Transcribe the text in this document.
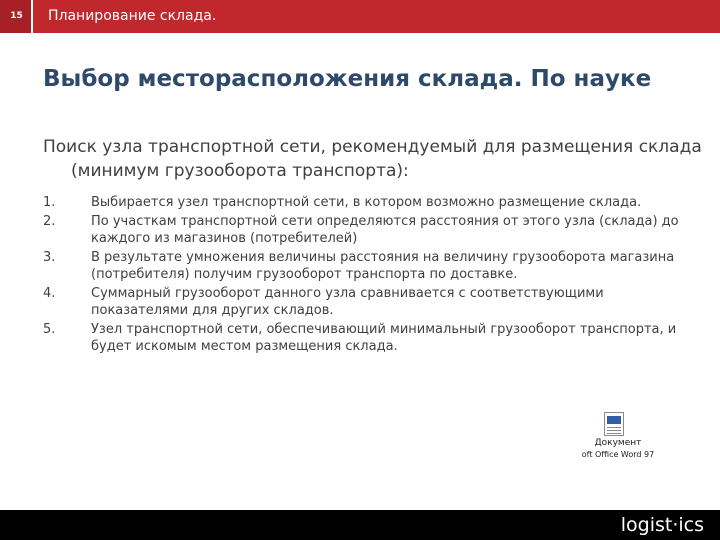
15	Планирование склада.
Выбор месторасположения склада. По науке
Поиск узла транспортной сети, рекомендуемый для размещения склада (минимум грузооборота транспорта):
1.	Выбирается узел транспортной сети, в котором возможно размещение склада.
2.	По участкам транспортной сети определяются расстояния от этого узла (склада) до каждого из магазинов (потребителей)
3.	В результате умножения величины расстояния на величину грузооборота магазина (потребителя) получим грузооборот транспорта по доставке.
4.	Суммарный грузооборот данного узла сравнивается с соответствующими показателями для других складов.
5.	Узел транспортной сети, обеспечивающий минимальный грузооборот транспорта, и будет искомым местом размещения склада.
Документ
oft Office Word 97
logist·ics
